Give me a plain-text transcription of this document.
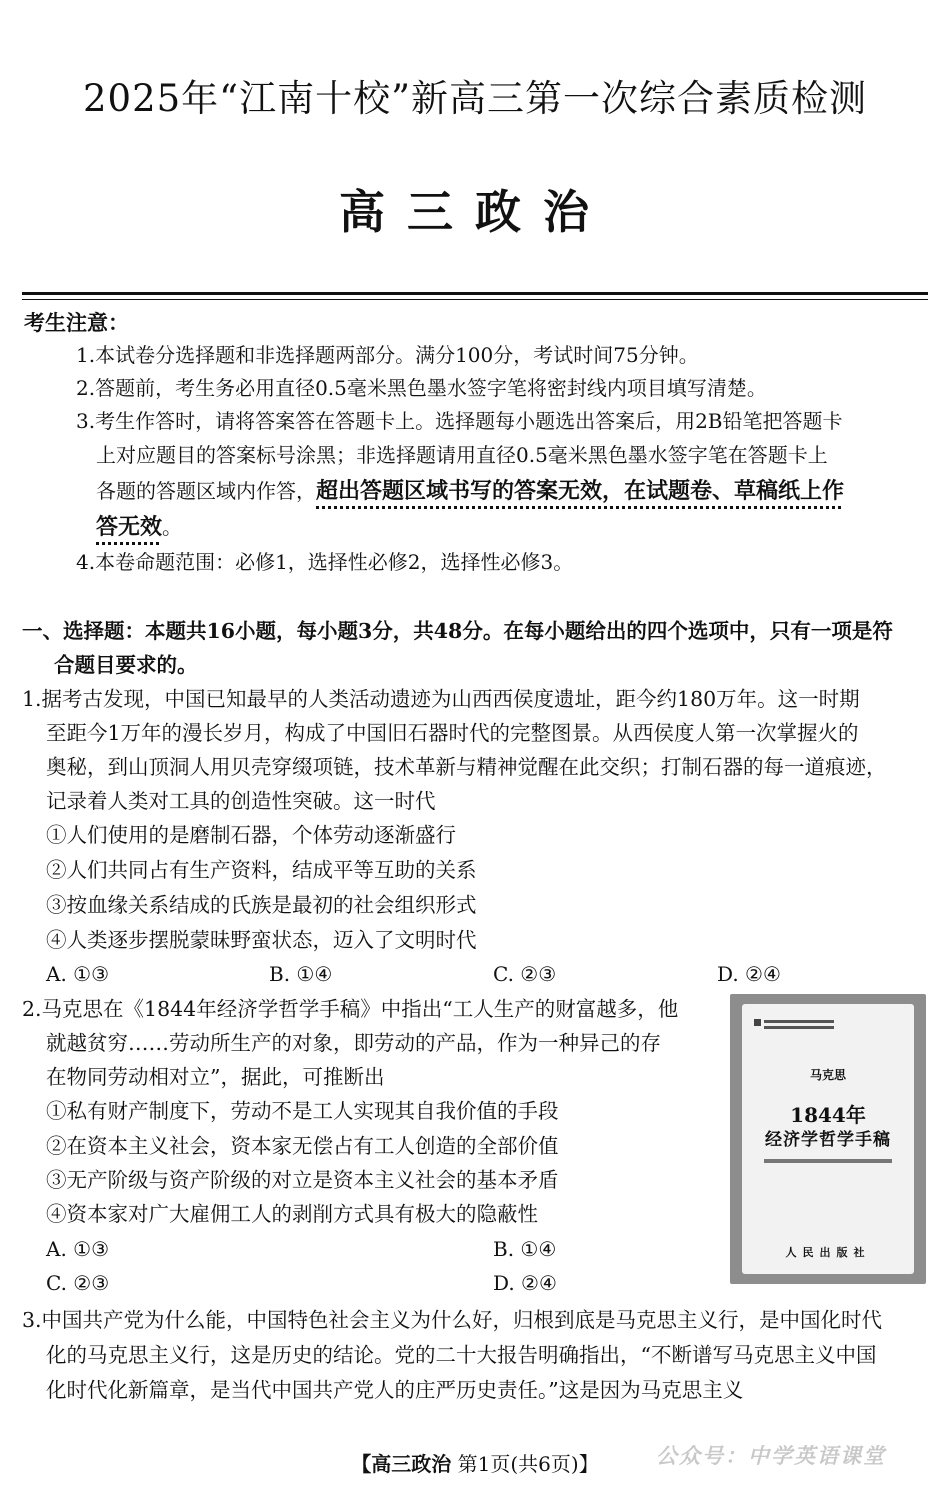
2025年“江南十校”新高三第一次综合素质检测
高三政治
考生注意：
1.本试卷分选择题和非选择题两部分。满分100分，考试时间75分钟。
2.答题前，考生务必用直径0.5毫米黑色墨水签字笔将密封线内项目填写清楚。
3.考生作答时，请将答案答在答题卡上。选择题每小题选出答案后，用2B铅笔把答题卡
上对应题目的答案标号涂黑；非选择题请用直径0.5毫米黑色墨水签字笔在答题卡上
各题的答题区域内作答，超出答题区域书写的答案无效，在试题卷、草稿纸上作
答无效。
4.本卷命题范围：必修1，选择性必修2，选择性必修3。
一、选择题：本题共16小题，每小题3分，共48分。在每小题给出的四个选项中，只有一项是符
合题目要求的。
1.据考古发现，中国已知最早的人类活动遗迹为山西西侯度遗址，距今约180万年。这一时期
至距今1万年的漫长岁月，构成了中国旧石器时代的完整图景。从西侯度人第一次掌握火的
奥秘，到山顶洞人用贝壳穿缀项链，技术革新与精神觉醒在此交织；打制石器的每一道痕迹，
记录着人类对工具的创造性突破。这一时代
①人们使用的是磨制石器，个体劳动逐渐盛行
②人们共同占有生产资料，结成平等互助的关系
③按血缘关系结成的氏族是最初的社会组织形式
④人类逐步摆脱蒙昧野蛮状态，迈入了文明时代
A. ①③	B. ①④	C. ②③	D. ②④
2.马克思在《1844年经济学哲学手稿》中指出“工人生产的财富越多，他
就越贫穷……劳动所生产的对象，即劳动的产品，作为一种异己的存
在物同劳动相对立”，据此，可推断出
①私有财产制度下，劳动不是工人实现其自我价值的手段
②在资本主义社会，资本家无偿占有工人创造的全部价值
③无产阶级与资产阶级的对立是资本主义社会的基本矛盾
④资本家对广大雇佣工人的剥削方式具有极大的隐蔽性
A. ①③	B. ①④
C. ②③	D. ②④
马克思
1844年
经济学哲学手稿
人民出版社
3.中国共产党为什么能，中国特色社会主义为什么好，归根到底是马克思主义行，是中国化时代
化的马克思主义行，这是历史的结论。党的二十大报告明确指出，“不断谱写马克思主义中国
化时代化新篇章，是当代中国共产党人的庄严历史责任。”这是因为马克思主义
【高三政治 第1页(共6页)】	公众号：中学英语课堂
